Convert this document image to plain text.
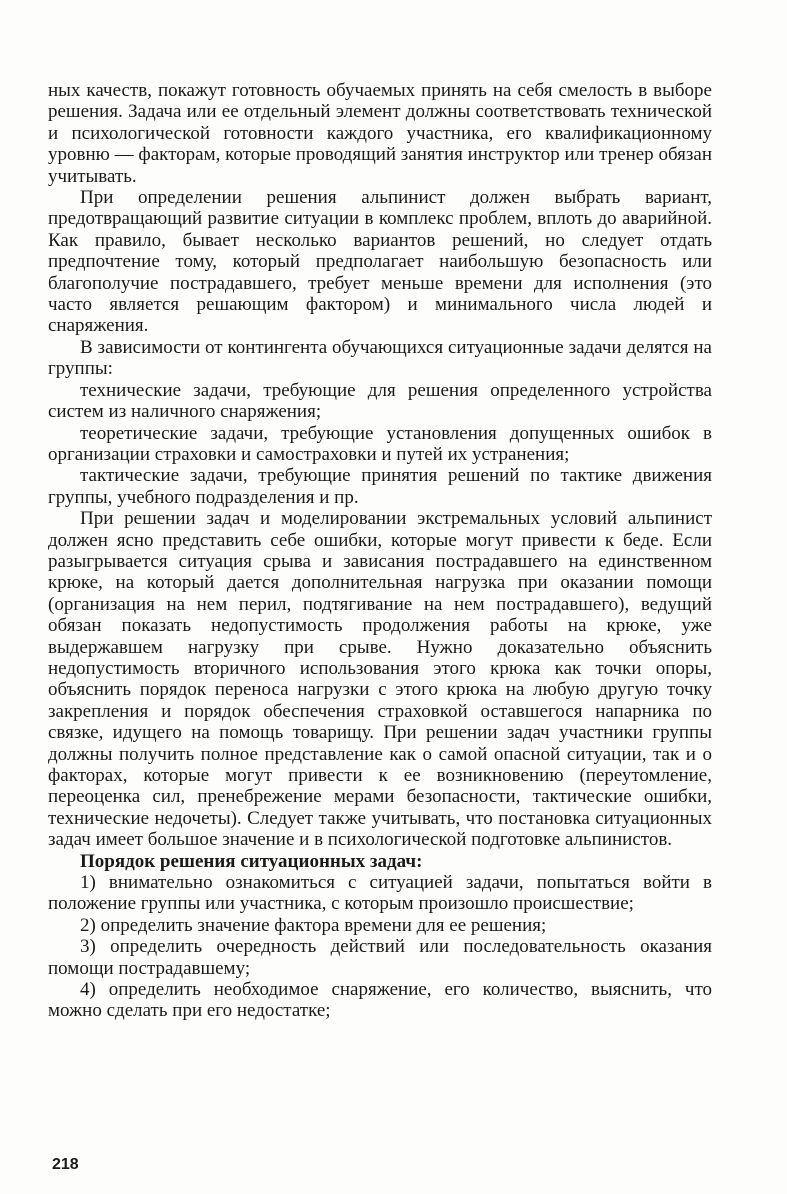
ных качеств, покажут готовность обучаемых принять на себя смелость в выборе решения. Задача или ее отдельный элемент должны соответствовать технической и психологической готовности каждого участника, его квалификационному уровню — факторам, которые проводящий занятия инструктор или тренер обязан учитывать.

При определении решения альпинист должен выбрать вариант, предотвращающий развитие ситуации в комплекс проблем, вплоть до аварийной. Как правило, бывает несколько вариантов решений, но следует отдать предпочтение тому, который предполагает наибольшую безопасность или благополучие пострадавшего, требует меньше времени для исполнения (это часто является решающим фактором) и минимального числа людей и снаряжения.

В зависимости от контингента обучающихся ситуационные задачи делятся на группы:

технические задачи, требующие для решения определенного устройства систем из наличного снаряжения;

теоретические задачи, требующие установления допущенных ошибок в организации страховки и самостраховки и путей их устранения;

тактические задачи, требующие принятия решений по тактике движения группы, учебного подразделения и пр.

При решении задач и моделировании экстремальных условий альпинист должен ясно представить себе ошибки, которые могут привести к беде. Если разыгрывается ситуация срыва и зависания пострадавшего на единственном крюке, на который дается дополнительная нагрузка при оказании помощи (организация на нем перил, подтягивание на нем пострадавшего), ведущий обязан показать недопустимость продолжения работы на крюке, уже выдержавшем нагрузку при срыве. Нужно доказательно объяснить недопустимость вторичного использования этого крюка как точки опоры, объяснить порядок переноса нагрузки с этого крюка на любую другую точку закрепления и порядок обеспечения страховкой оставшегося напарника по связке, идущего на помощь товарищу. При решении задач участники группы должны получить полное представление как о самой опасной ситуации, так и о факторах, которые могут привести к ее возникновению (переутомление, переоценка сил, пренебрежение мерами безопасности, тактические ошибки, технические недочеты). Следует также учитывать, что постановка ситуационных задач имеет большое значение и в психологической подготовке альпинистов.

Порядок решения ситуационных задач:

1) внимательно ознакомиться с ситуацией задачи, попытаться войти в положение группы или участника, с которым произошло происшествие;

2) определить значение фактора времени для ее решения;

3) определить очередность действий или последовательность оказания помощи пострадавшему;

4) определить необходимое снаряжение, его количество, выяснить, что можно сделать при его недостатке;

218
